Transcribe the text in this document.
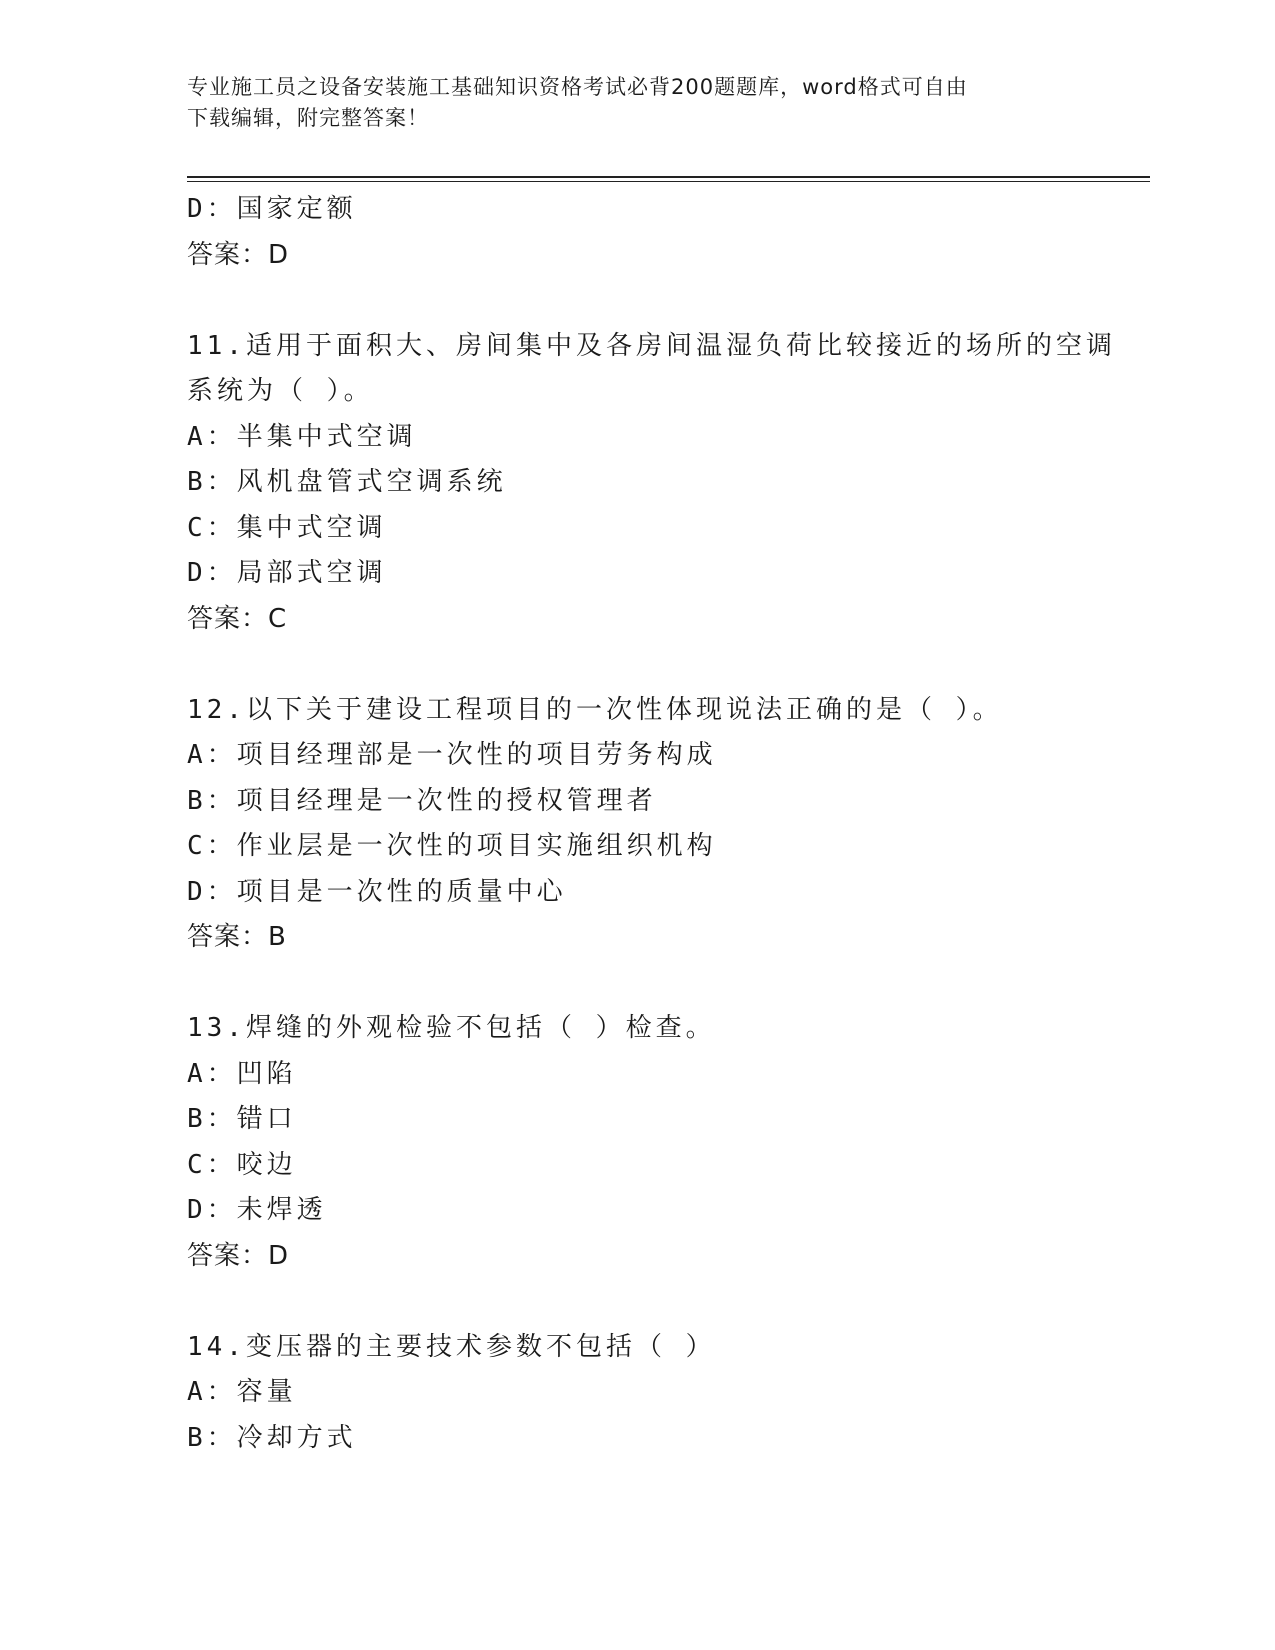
专业施工员之设备安装施工基础知识资格考试必背200题题库，word格式可自由
下载编辑，附完整答案！
D：国家定额
答案：D
11.适用于面积大、房间集中及各房间温湿负荷比较接近的场所的空调
系统为（ ）。
A：半集中式空调
B：风机盘管式空调系统
C：集中式空调
D：局部式空调
答案：C
12.以下关于建设工程项目的一次性体现说法正确的是（ ）。
A：项目经理部是一次性的项目劳务构成
B：项目经理是一次性的授权管理者
C：作业层是一次性的项目实施组织机构
D：项目是一次性的质量中心
答案：B
13.焊缝的外观检验不包括（ ）检查。
A：凹陷
B：错口
C：咬边
D：未焊透
答案：D
14.变压器的主要技术参数不包括（ ）
A：容量
B：冷却方式
